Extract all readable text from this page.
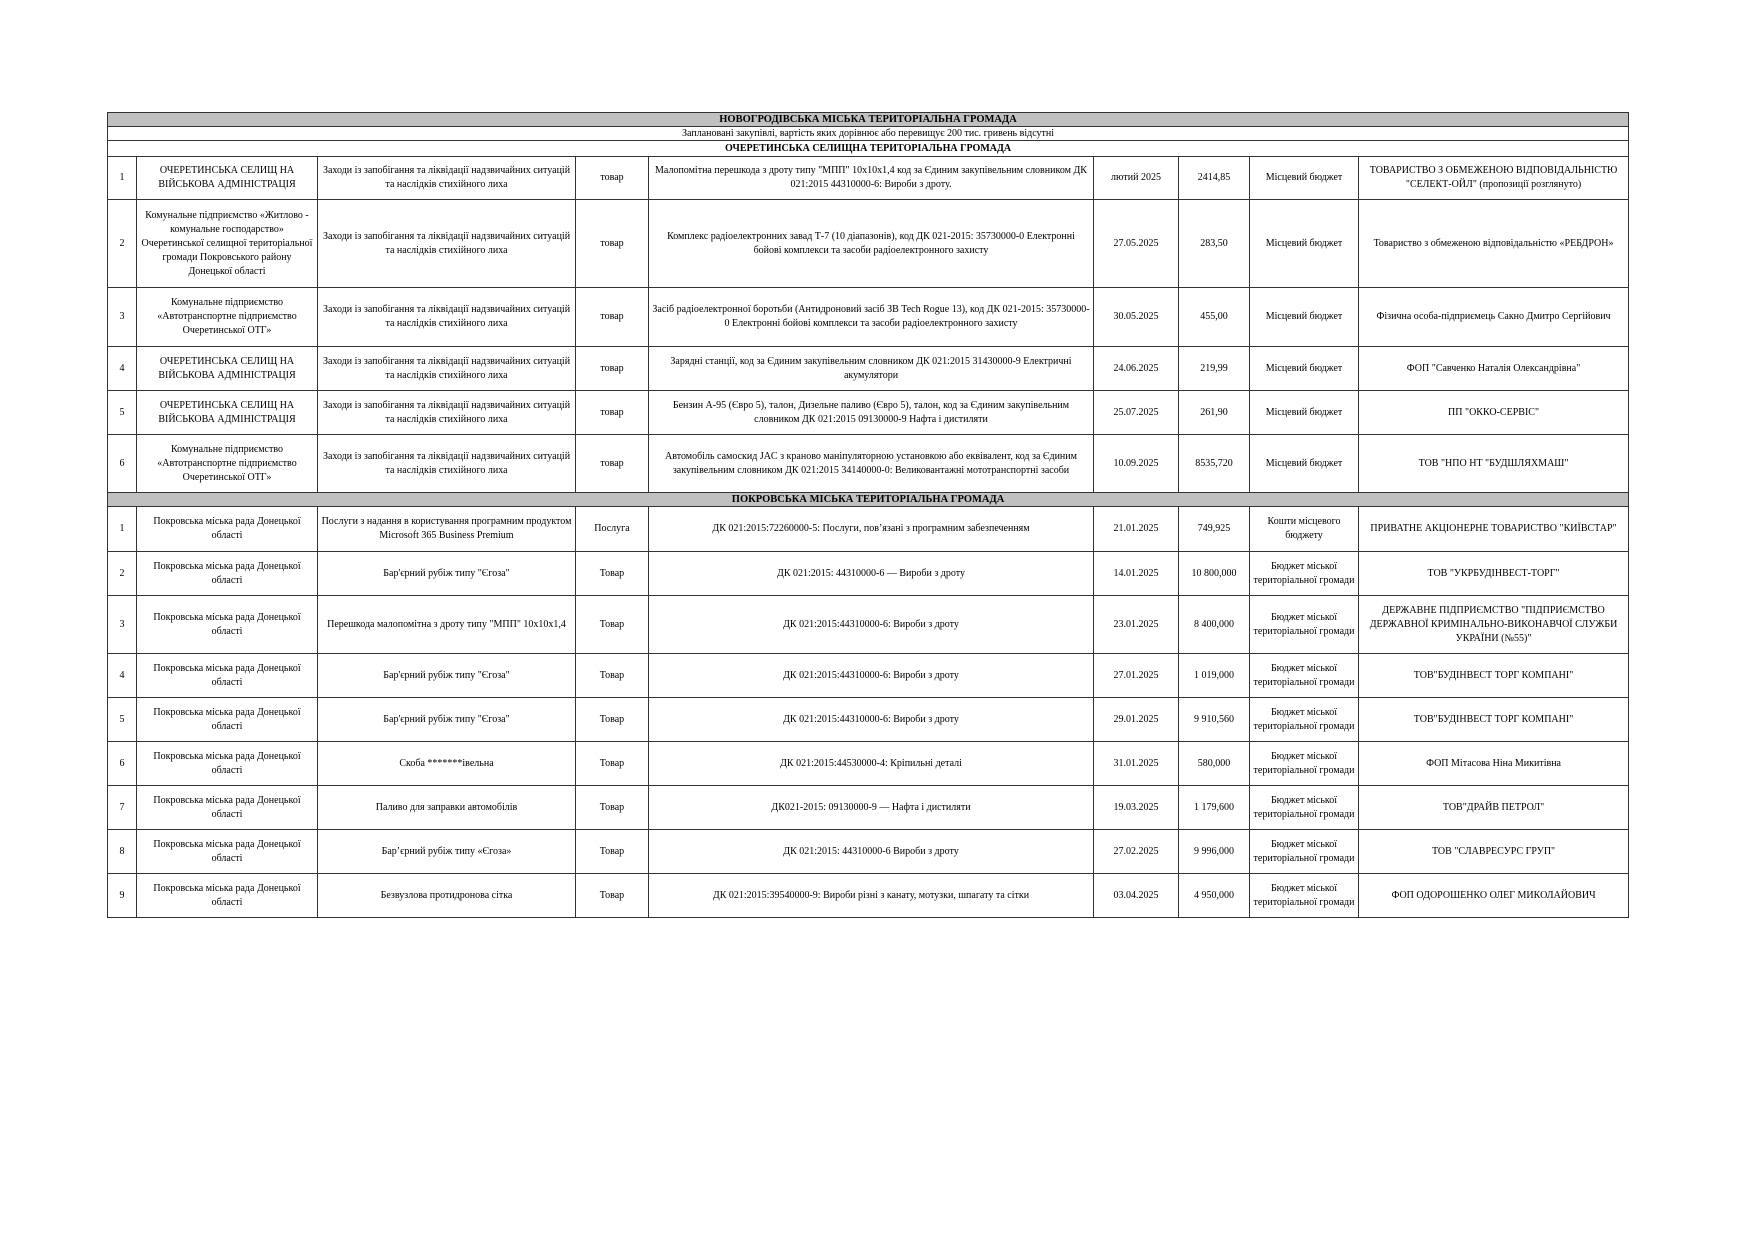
НОВОГРОДІВСЬКА МІСЬКА ТЕРИТОРІАЛЬНА ГРОМАДА								
Заплановані закупівлі, вартість яких дорівнює або перевищує 200 тис. гривень відсутні								
ОЧЕРЕТИНСЬКА СЕЛИЩНА ТЕРИТОРІАЛЬНА ГРОМАДА								
1	ОЧЕРЕТИНСЬКА СЕЛИЩ НА ВІЙСЬКОВА АДМІНІСТРАЦІЯ	Заходи із запобігання та ліквідації надзвичайних ситуацій та наслідків стихійного лиха	товар	Малопомітна перешкода з дроту типу "МПП" 10х10х1,4 код за Єдиним закупівельним словником ДК 021:2015 44310000-6: Вироби з дроту.	лютий 2025	2414,85	Місцевий бюджет	ТОВАРИСТВО З ОБМЕЖЕНОЮ ВІДПОВІДАЛЬНІСТЮ "СЕЛЕКТ-ОЙЛ" (пропозиції розглянуто)
2	Комунальне підприємство «Житлово - комунальне господарство» Очеретинської селищної територіальної громади Покровського району Донецької області	Заходи із запобігання та ліквідації надзвичайних ситуацій та наслідків стихійного лиха	товар	Комплекс радіоелектронних завад Т-7 (10 діапазонів), код ДК 021-2015: 35730000-0 Електронні бойові комплекси та засоби радіоелектронного захисту	27.05.2025	283,50	Місцевий бюджет	Товариство з обмеженою відповідальністю «РЕБДРОН»
3	Комунальне підприємство «Автотранспортне підприємство Очеретинської ОТГ»	Заходи із запобігання та ліквідації надзвичайних ситуацій та наслідків стихійного лиха	товар	Засіб радіоелектронної боротьби (Антидроновий засіб ЗВ Tech Rogue 13), код ДК 021-2015: 35730000-0 Електронні бойові комплекси та засоби радіоелектронного захисту	30.05.2025	455,00	Місцевий бюджет	Фізична особа-підприємець Сакно Дмитро Сергійович
4	ОЧЕРЕТИНСЬКА СЕЛИЩ НА ВІЙСЬКОВА АДМІНІСТРАЦІЯ	Заходи із запобігання та ліквідації надзвичайних ситуацій та наслідків стихійного лиха	товар	Зарядні станції, код за Єдиним закупівельним словником ДК 021:2015 31430000-9 Електричні акумулятори	24.06.2025	219,99	Місцевий бюджет	ФОП "Савченко Наталія Олександрівна"
5	ОЧЕРЕТИНСЬКА СЕЛИЩ НА ВІЙСЬКОВА АДМІНІСТРАЦІЯ	Заходи із запобігання та ліквідації надзвичайних ситуацій та наслідків стихійного лиха	товар	Бензин А-95 (Євро 5), талон, Дизельне паливо (Євро 5), талон, код за Єдиним закупівельним словником ДК 021:2015 09130000-9 Нафта і дистиляти	25.07.2025	261,90	Місцевий бюджет	ПП "ОККО-СЕРВІС"
6	Комунальне підприємство «Автотранспортне підприємство Очеретинської ОТГ»	Заходи із запобігання та ліквідації надзвичайних ситуацій та наслідків стихійного лиха	товар	Автомобіль самоскид JAC з краново маніпуляторною установкою або еквівалент, код за Єдиним закупівельним словником ДК 021:2015 34140000-0: Великовантажні мототранспортні засоби	10.09.2025	8535,720	Місцевий бюджет	ТОВ "НПО НТ "БУДШЛЯХМАШ"
ПОКРОВСЬКА МІСЬКА ТЕРИТОРІАЛЬНА ГРОМАДА								
1	Покровська міська рада Донецької області	Послуги з надання в користування програмним продуктом Microsoft 365 Business Premium	Послуга	ДК 021:2015:72260000-5: Послуги, пов’язані з програмним забезпеченням	21.01.2025	749,925	Кошти місцевого бюджету	ПРИВАТНЕ АКЦІОНЕРНЕ ТОВАРИСТВО "КИЇВСТАР"
2	Покровська міська рада Донецької області	Бар'єрний рубіж типу "Єгоза"	Товар	ДК 021:2015: 44310000-6 — Вироби з дроту	14.01.2025	10 800,000	Бюджет міської територіальної громади	ТОВ "УКРБУДІНВЕСТ-ТОРГ"
3	Покровська міська рада Донецької області	Перешкода малопомітна з дроту типу "МПП" 10х10х1,4	Товар	ДК 021:2015:44310000-6: Вироби з дроту	23.01.2025	8 400,000	Бюджет міської територіальної громади	ДЕРЖАВНЕ ПІДПРИЄМСТВО "ПІДПРИЄМСТВО ДЕРЖАВНОЇ КРИМІНАЛЬНО-ВИКОНАВЧОЇ СЛУЖБИ УКРАЇНИ (№55)"
4	Покровська міська рада Донецької області	Бар'єрний рубіж типу "Єгоза"	Товар	ДК 021:2015:44310000-6: Вироби з дроту	27.01.2025	1 019,000	Бюджет міської територіальної громади	ТОВ"БУДІНВЕСТ ТОРГ КОМПАНІ"
5	Покровська міська рада Донецької області	Бар'єрний рубіж типу "Єгоза"	Товар	ДК 021:2015:44310000-6: Вироби з дроту	29.01.2025	9 910,560	Бюджет міської територіальної громади	ТОВ"БУДІНВЕСТ ТОРГ КОМПАНІ"
6	Покровська міська рада Донецької області	Скоба *******івельна	Товар	ДК 021:2015:44530000-4: Кріпильні деталі	31.01.2025	580,000	Бюджет міської територіальної громади	ФОП Мітасова Ніна Микитівна
7	Покровська міська рада Донецької області	Паливо для заправки автомобілів	Товар	ДК021-2015: 09130000-9 — Нафта і дистиляти	19.03.2025	1 179,600	Бюджет міської територіальної громади	ТОВ"ДРАЙВ ПЕТРОЛ"
8	Покровська міська рада Донецької області	Бар’єрний рубіж типу «Єгоза»	Товар	ДК 021:2015: 44310000-6 Вироби з дроту	27.02.2025	9 996,000	Бюджет міської територіальної громади	ТОВ "СЛАВРЕСУРС ГРУП"
9	Покровська міська рада Донецької області	Безвузлова протидронова сітка	Товар	ДК 021:2015:39540000-9: Вироби різні з канату, мотузки, шпагату та сітки	03.04.2025	4 950,000	Бюджет міської територіальної громади	ФОП ОДОРОШЕНКО ОЛЕГ МИКОЛАЙОВИЧ
